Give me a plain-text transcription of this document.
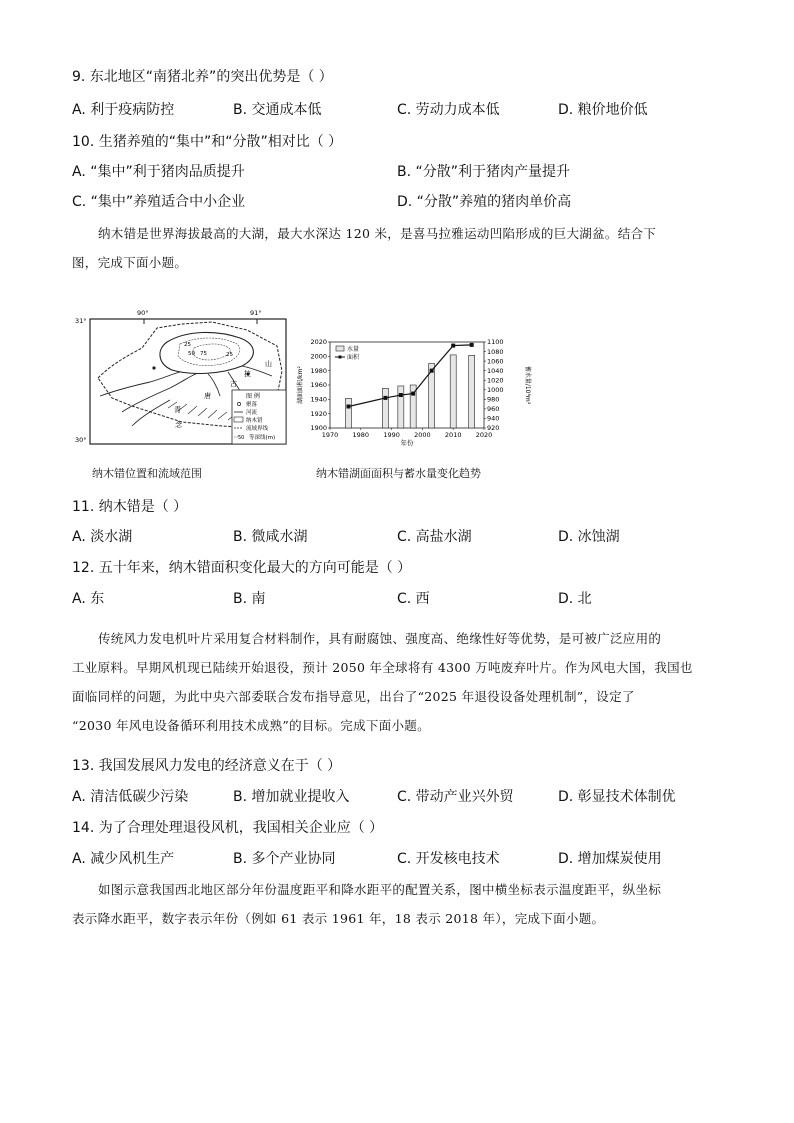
9. 东北地区“南猪北养”的突出优势是（ ）
A. 利于疫病防控	B. 交通成本低	C. 劳动力成本低	D. 粮价地价低
10. 生猪养殖的“集中”和“分散”相对比（ ）
A. “集中”利于猪肉品质提升	B. “分散”利于猪肉产量提升
C. “集中”养殖适合中小企业	D. “分散”养殖的猪肉单价高
纳木错是世界海拔最高的大湖，最大水深达 120 米，是喜马拉雅运动凹陷形成的巨大湖盆。结合下
图，完成下面小题。
90°	91°
31°
30°
25
50 75	25
念
青
唐
古
拉
山
图 例
聚落
河流
纳木错
流域界线
50 等深线(m)
纳木错位置和流域范围
1970 1980 1990 2000 2010 2020
1900
1920
1940
1960
1980
2000
2020
920
940
960
980
1000
1020
1040
1060
1080
1100
水量
面积
年份
湖面面积/km²	蓄水量/10⁸m³
纳木错湖面面积与蓄水量变化趋势
11. 纳木错是（ ）
A. 淡水湖	B. 微咸水湖	C. 高盐水湖	D. 冰蚀湖
12. 五十年来，纳木错面积变化最大的方向可能是（ ）
A. 东	B. 南	C. 西	D. 北
传统风力发电机叶片采用复合材料制作，具有耐腐蚀、强度高、绝缘性好等优势，是可被广泛应用的
工业原料。早期风机现已陆续开始退役，预计 2050 年全球将有 4300 万吨废弃叶片。作为风电大国，我国也
面临同样的问题，为此中央六部委联合发布指导意见，出台了“2025 年退役设备处理机制”，设定了
“2030 年风电设备循环利用技术成熟”的目标。完成下面小题。
13. 我国发展风力发电的经济意义在于（ ）
A. 清洁低碳少污染	B. 增加就业提收入	C. 带动产业兴外贸	D. 彰显技术体制优
14. 为了合理处理退役风机，我国相关企业应（ ）
A. 减少风机生产	B. 多个产业协同	C. 开发核电技术	D. 增加煤炭使用
如图示意我国西北地区部分年份温度距平和降水距平的配置关系，图中横坐标表示温度距平，纵坐标
表示降水距平，数字表示年份（例如 61 表示 1961 年，18 表示 2018 年），完成下面小题。
